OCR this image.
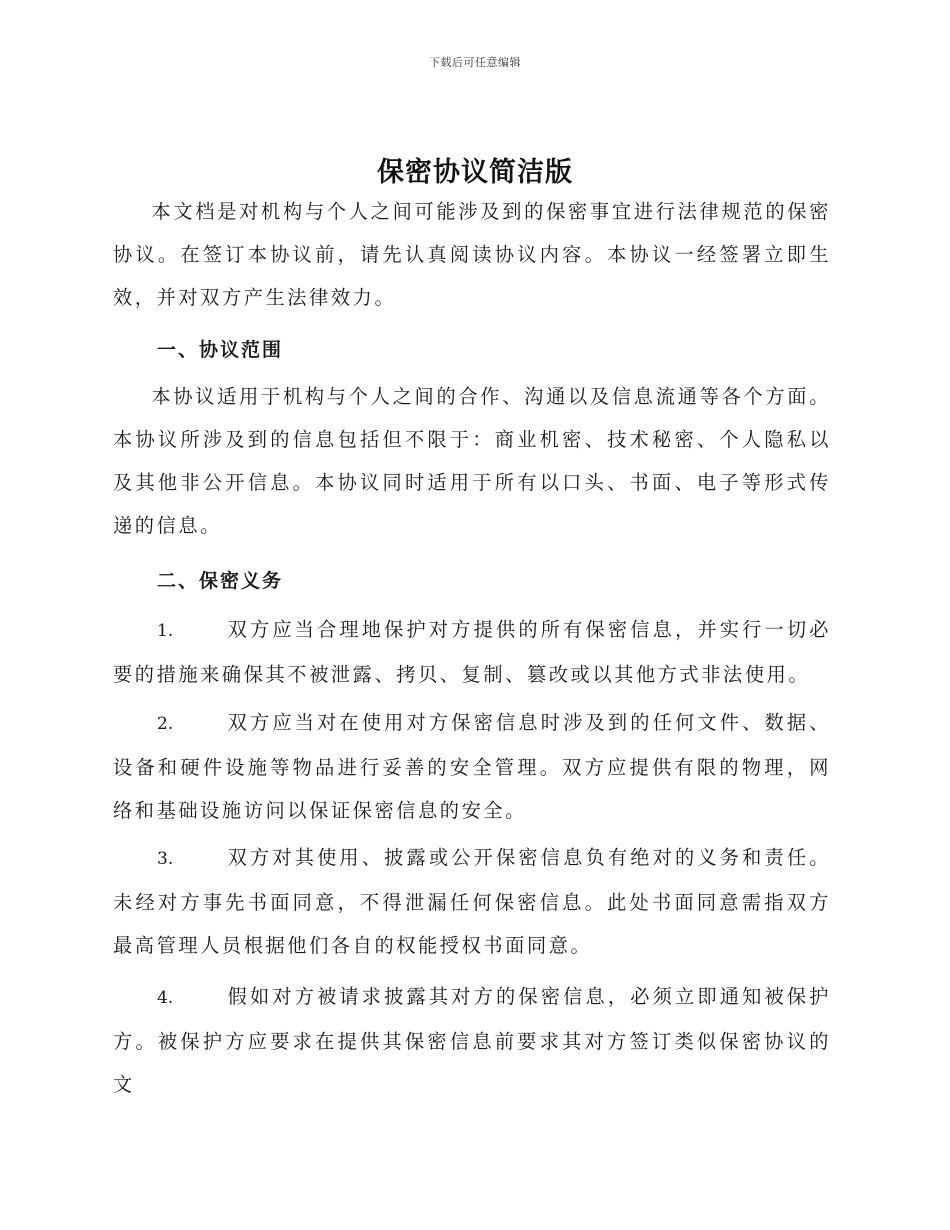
下载后可任意编辑
保密协议简洁版

本文档是对机构与个人之间可能涉及到的保密事宜进行法律规范的保密协议。在签订本协议前，请先认真阅读协议内容。本协议一经签署立即生效，并对双方产生法律效力。

一、协议范围

本协议适用于机构与个人之间的合作、沟通以及信息流通等各个方面。本协议所涉及到的信息包括但不限于：商业机密、技术秘密、个人隐私以及其他非公开信息。本协议同时适用于所有以口头、书面、电子等形式传递的信息。

二、保密义务

1.	双方应当合理地保护对方提供的所有保密信息，并实行一切必要的措施来确保其不被泄露、拷贝、复制、篡改或以其他方式非法使用。

2.	双方应当对在使用对方保密信息时涉及到的任何文件、数据、设备和硬件设施等物品进行妥善的安全管理。双方应提供有限的物理，网络和基础设施访问以保证保密信息的安全。

3.	双方对其使用、披露或公开保密信息负有绝对的义务和责任。未经对方事先书面同意，不得泄漏任何保密信息。此处书面同意需指双方最高管理人员根据他们各自的权能授权书面同意。

4.	假如对方被请求披露其对方的保密信息，必须立即通知被保护方。被保护方应要求在提供其保密信息前要求其对方签订类似保密协议的文
